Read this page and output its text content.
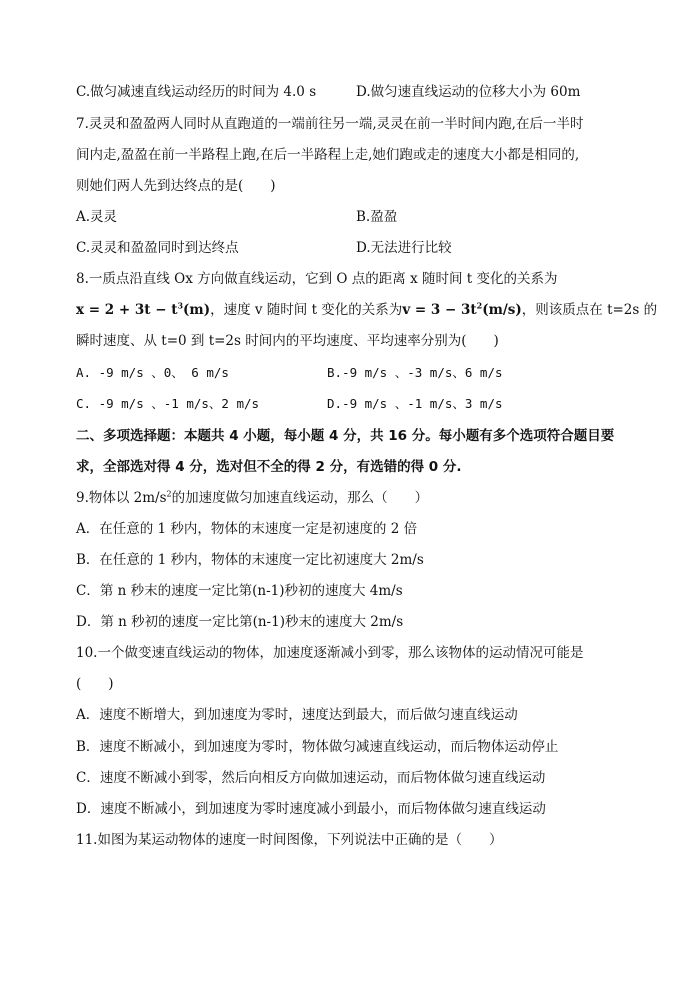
C.做匀减速直线运动经历的时间为 4.0 s	D.做匀速直线运动的位移大小为 60m
7.灵灵和盈盈两人同时从直跑道的一端前往另一端,灵灵在前一半时间内跑,在后一半时
间内走,盈盈在前一半路程上跑,在后一半路程上走,她们跑或走的速度大小都是相同的,
则她们两人先到达终点的是(　　)
A.灵灵	B.盈盈
C.灵灵和盈盈同时到达终点	D.无法进行比较
8.一质点沿直线 Ox 方向做直线运动，它到 O 点的距离 x 随时间 t 变化的关系为
$x = 2 + 3t - t^3(m)$，速度 v 随时间 t 变化的关系为$v = 3 - 3t^2(m/s)$，则该质点在 t=2s 的
瞬时速度、从 t=0 到 t=2s 时间内的平均速度、平均速率分别为(　　)
A. -9 m/s 、0、 6 m/s	B.-9 m/s 、-3 m/s、6 m/s
C. -9 m/s 、-1 m/s、2 m/s	D.-9 m/s 、-1 m/s、3 m/s
二、多项选择题：本题共 4 小题，每小题 4 分，共 16 分。每小题有多个选项符合题目要
求，全部选对得 4 分，选对但不全的得 2 分，有选错的得 0 分.
9.物体以 $2m/s^2$的加速度做匀加速直线运动，那么（　　）
A．在任意的 1 秒内，物体的末速度一定是初速度的 2 倍
B．在任意的 1 秒内，物体的末速度一定比初速度大 2m/s
C．第 n 秒末的速度一定比第(n-1)秒初的速度大 4m/s
D．第 n 秒初的速度一定比第(n-1)秒末的速度大 2m/s
10.一个做变速直线运动的物体，加速度逐渐减小到零，那么该物体的运动情况可能是
(　　)
A．速度不断增大，到加速度为零时，速度达到最大，而后做匀速直线运动
B．速度不断减小，到加速度为零时，物体做匀减速直线运动，而后物体运动停止
C．速度不断减小到零，然后向相反方向做加速运动，而后物体做匀速直线运动
D．速度不断减小，到加速度为零时速度减小到最小，而后物体做匀速直线运动
11.如图为某运动物体的速度一时间图像，下列说法中正确的是（　　）
